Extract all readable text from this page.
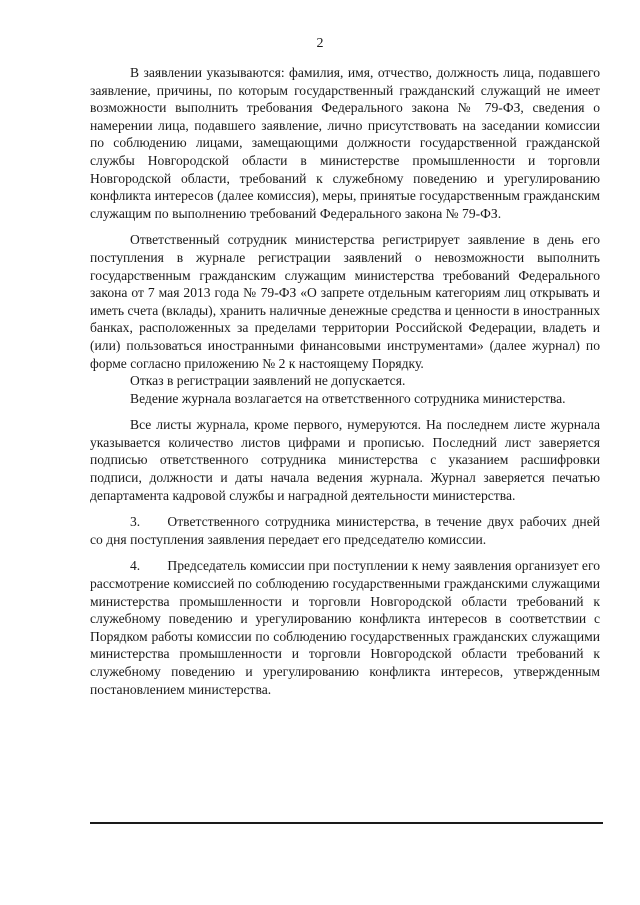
2

В заявлении указываются: фамилия, имя, отчество, должность лица, подавшего заявление, причины, по которым государственный гражданский служащий не имеет возможности выполнить требования Федерального закона № 79-ФЗ, сведения о намерении лица, подавшего заявление, лично присутствовать на заседании комиссии по соблюдению лицами, замещающими должности государственной гражданской службы Новгородской области в министерстве промышленности и торговли Новгородской области, требований к служебному поведению и урегулированию конфликта интересов (далее комиссия), меры, принятые государственным гражданским служащим по выполнению требований Федерального закона № 79-ФЗ.

Ответственный сотрудник министерства регистрирует заявление в день его поступления в журнале регистрации заявлений о невозможности выполнить государственным гражданским служащим министерства требований Федерального закона от 7 мая 2013 года № 79-ФЗ «О запрете отдельным категориям лиц открывать и иметь счета (вклады), хранить наличные денежные средства и ценности в иностранных банках, расположенных за пределами территории Российской Федерации, владеть и (или) пользоваться иностранными финансовыми инструментами» (далее журнал) по форме согласно приложению № 2 к настоящему Порядку.

Отказ в регистрации заявлений не допускается.

Ведение журнала возлагается на ответственного сотрудника министерства.

Все листы журнала, кроме первого, нумеруются. На последнем листе журнала указывается количество листов цифрами и прописью. Последний лист заверяется подписью ответственного сотрудника министерства с указанием расшифровки подписи, должности и даты начала ведения журнала. Журнал заверяется печатью департамента кадровой службы и наградной деятельности министерства.

3.  Ответственного сотрудника министерства, в течение двух рабочих дней со дня поступления заявления передает его председателю комиссии.

4.  Председатель комиссии при поступлении к нему заявления организует его рассмотрение комиссией по соблюдению государственными гражданскими служащими министерства промышленности и торговли Новгородской области требований к служебному поведению и урегулированию конфликта интересов в соответствии с Порядком работы комиссии по соблюдению государственных гражданских служащими министерства промышленности и торговли Новгородской области требований к служебному поведению и урегулированию конфликта интересов, утвержденным постановлением министерства.
